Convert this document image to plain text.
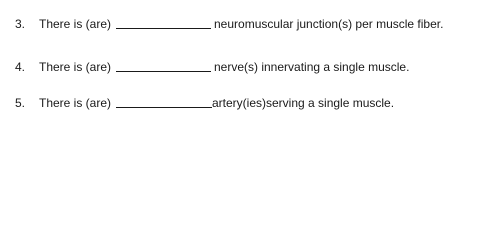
3. There is (are)	neuromuscular junction(s) per muscle fiber.
4. There is (are)	nerve(s) innervating a single muscle.
5. There is (are)	artery(ies)serving a single muscle.
